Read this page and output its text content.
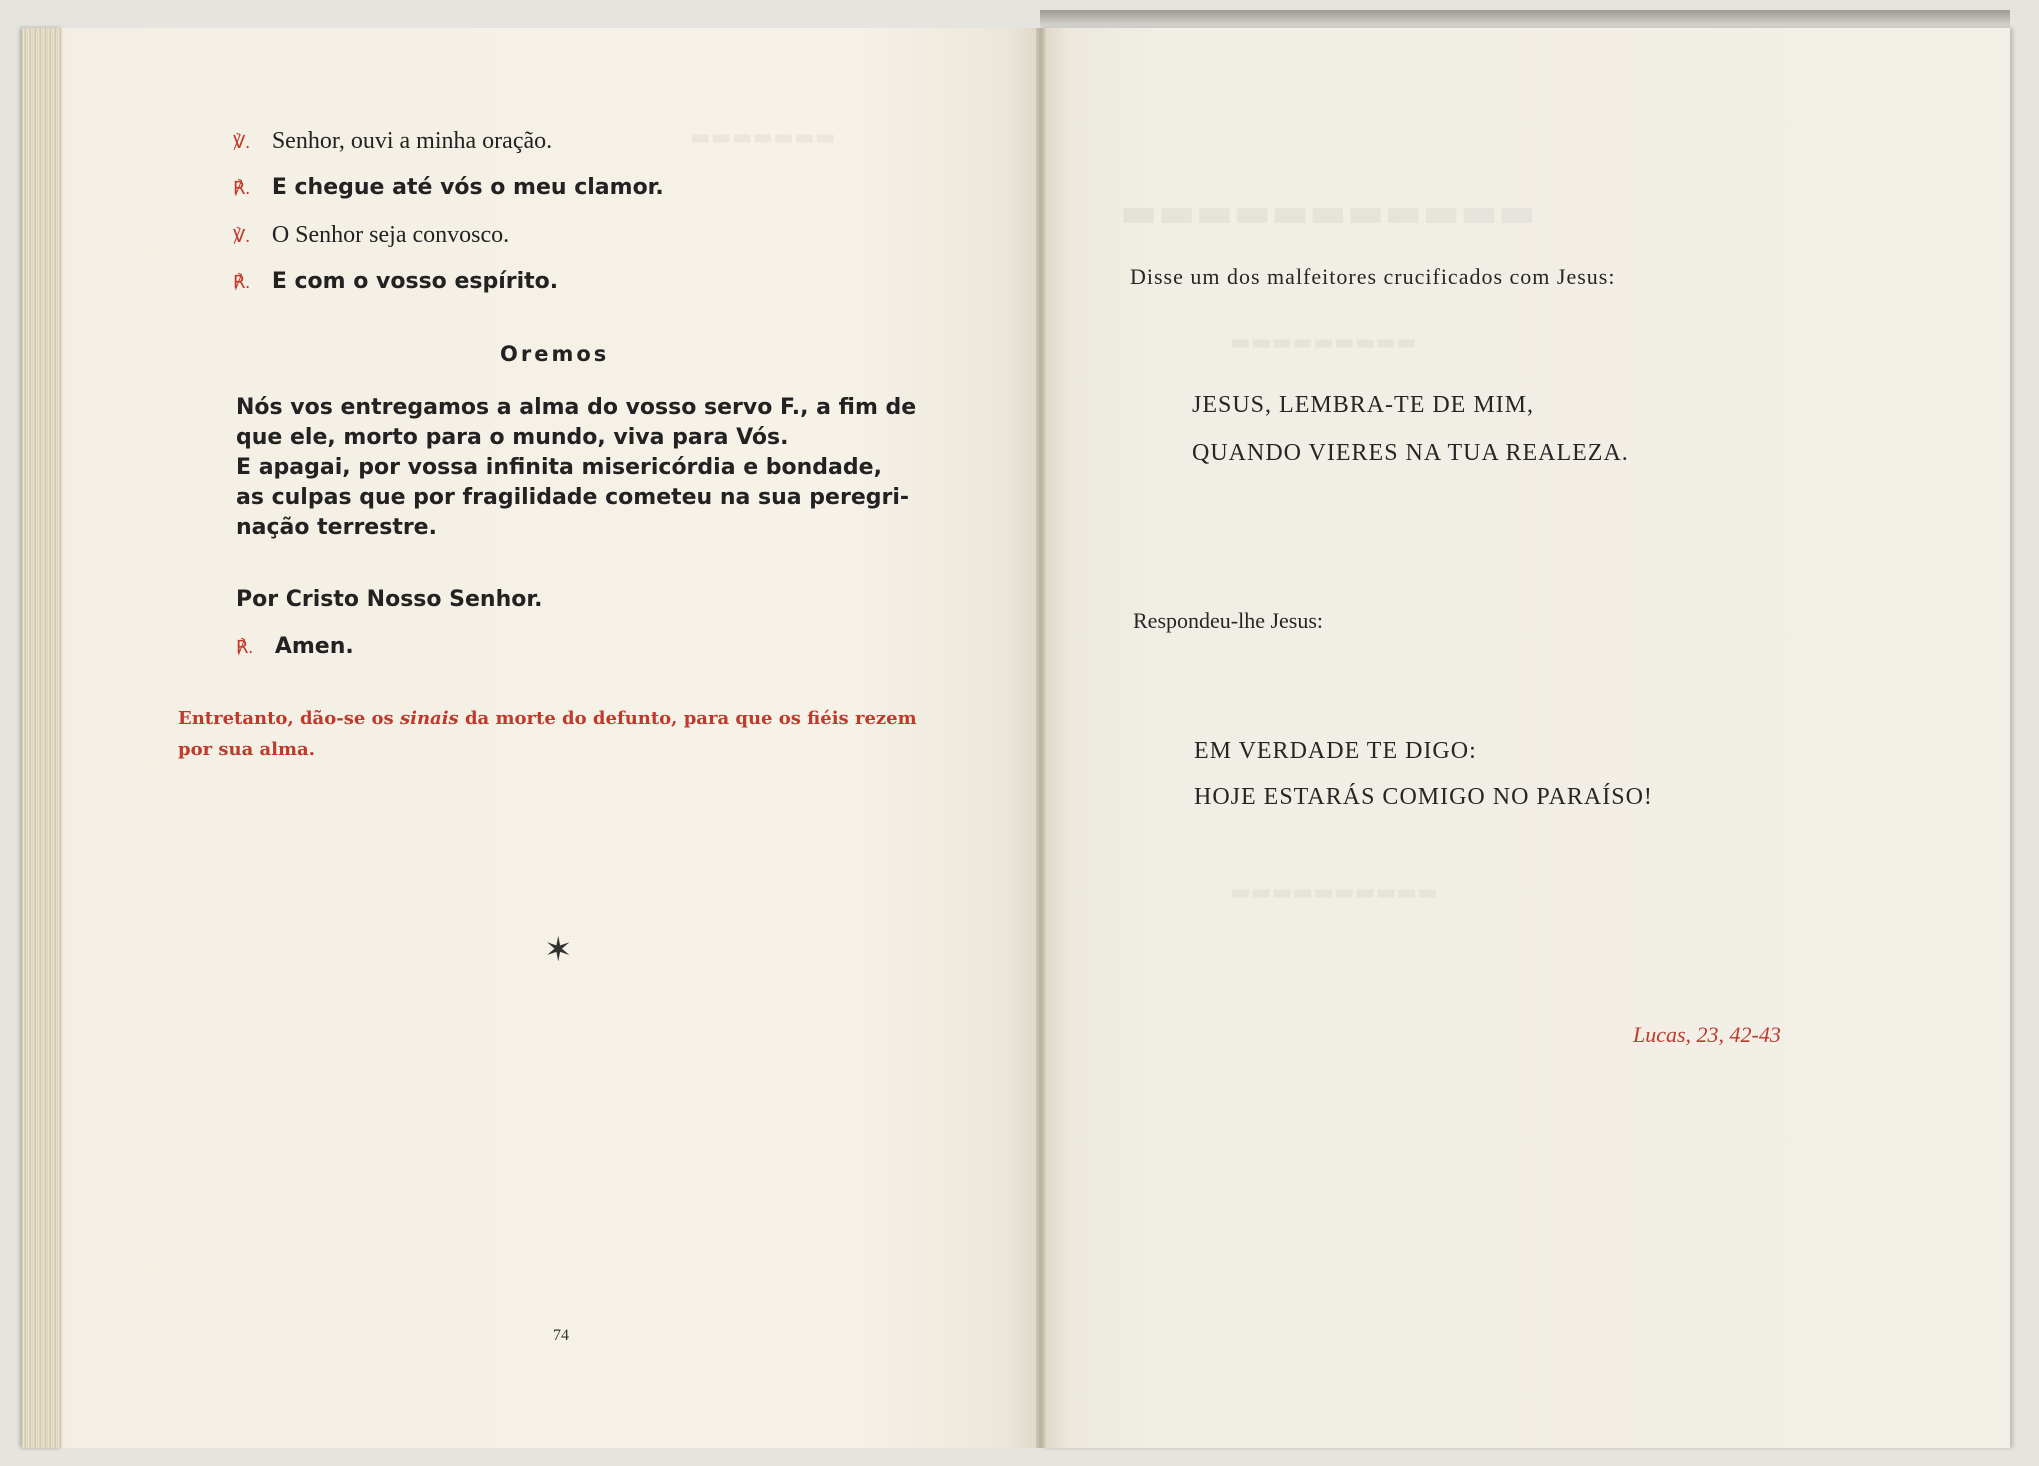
℣. Senhor, ouvi a minha oração.
℟. E chegue até vós o meu clamor.
℣. O Senhor seja convosco.
℟. E com o vosso espírito.
Oremos
Nós vos entregamos a alma do vosso servo F., a fim de
que ele, morto para o mundo, viva para Vós.
E apagai, por vossa infinita misericórdia e bondade,
as culpas que por fragilidade cometeu na sua peregri-
nação terrestre.
Por Cristo Nosso Senhor.
℟. Amen.
Entretanto, dão-se os sinais da morte do defunto, para que os fiéis rezem
por sua alma.
✶
74
Disse um dos malfeitores crucificados com Jesus:
JESUS, LEMBRA-TE DE MIM,
QUANDO VIERES NA TUA REALEZA.
Respondeu-lhe Jesus:
EM VERDADE TE DIGO:
HOJE ESTARÁS COMIGO NO PARAÍSO!
Lucas, 23, 42-43
